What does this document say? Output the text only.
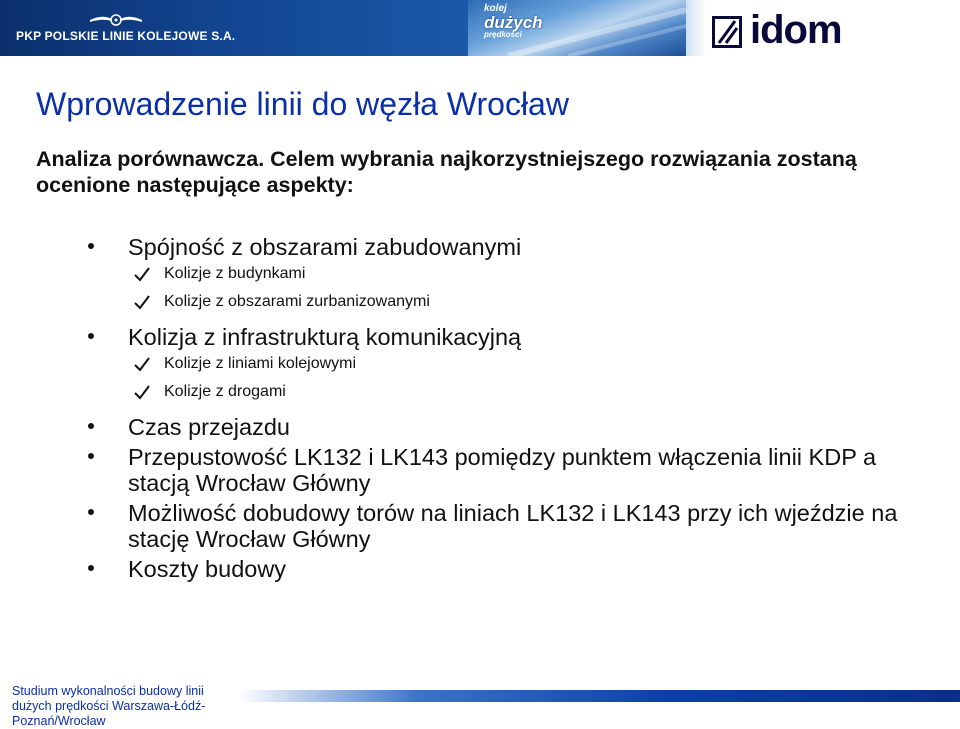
PKP POLSKIE LINIE KOLEJOWE S.A.
kolej
dużych
prędkości	idom
Wprowadzenie linii do węzła Wrocław

Analiza porównawcza. Celem wybrania najkorzystniejszego rozwiązania zostaną ocenione następujące aspekty:

Spójność z obszarami zabudowanymi
Kolizje z budynkami
Kolizje z obszarami zurbanizowanymi
Kolizja z infrastrukturą komunikacyjną
Kolizje z liniami kolejowymi
Kolizje z drogami
Czas przejazdu
Przepustowość LK132 i LK143 pomiędzy punktem włączenia linii KDP a stacją Wrocław Główny
Możliwość dobudowy torów na liniach LK132 i LK143 przy ich wjeździe na stację Wrocław Główny
Koszty budowy
Studium wykonalności budowy linii dużych prędkości Warszawa-Łódź-Poznań/Wrocław
